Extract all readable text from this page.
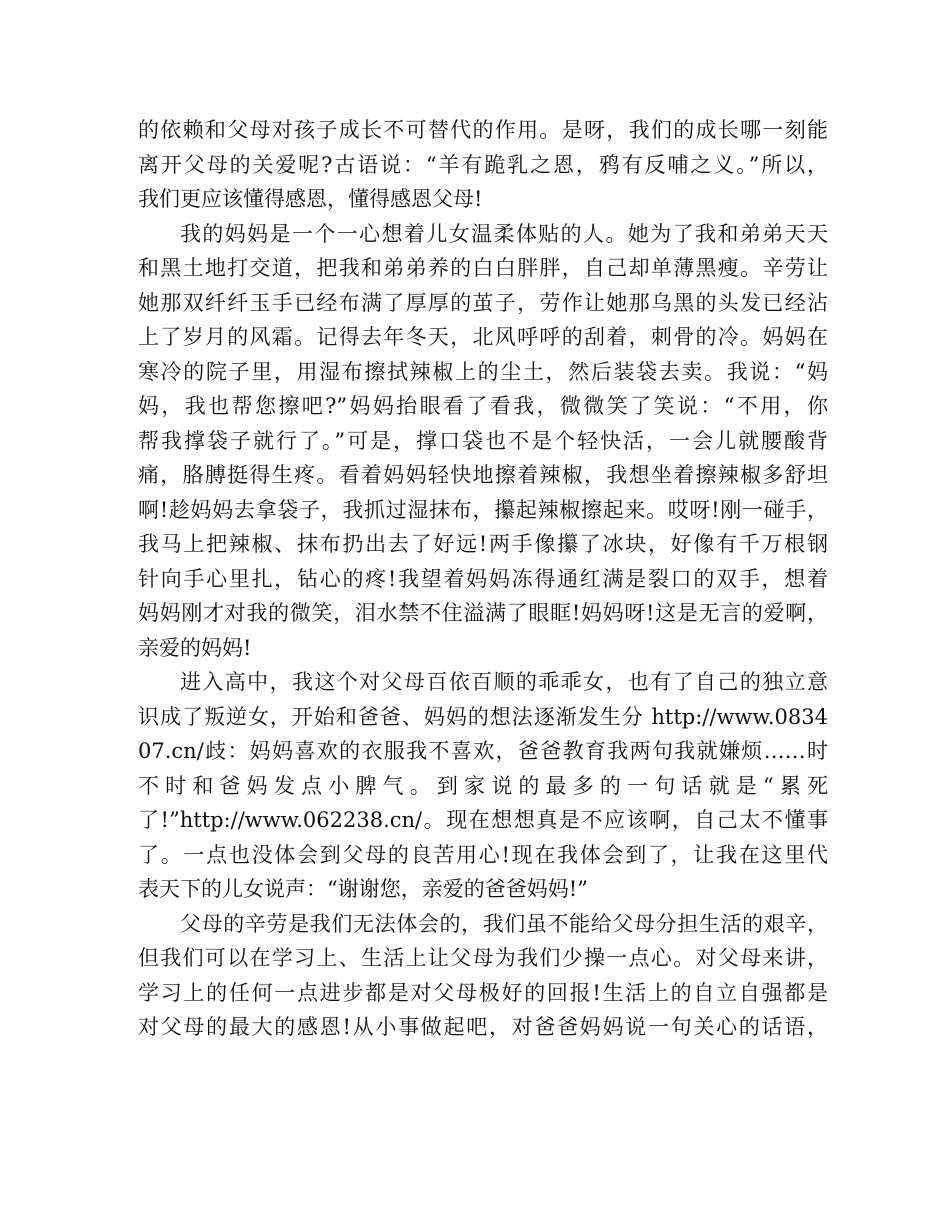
的依赖和父母对孩子成长不可替代的作用。是呀，我们的成长哪一刻能
离开父母的关爱呢?古语说：“羊有跪乳之恩，鸦有反哺之义。”所以，
我们更应该懂得感恩，懂得感恩父母!
我的妈妈是一个一心想着儿女温柔体贴的人。她为了我和弟弟天天
和黑土地打交道，把我和弟弟养的白白胖胖，自己却单薄黑瘦。辛劳让
她那双纤纤玉手已经布满了厚厚的茧子，劳作让她那乌黑的头发已经沾
上了岁月的风霜。记得去年冬天，北风呼呼的刮着，刺骨的冷。妈妈在
寒冷的院子里，用湿布擦拭辣椒上的尘土，然后装袋去卖。我说：“妈
妈，我也帮您擦吧?”妈妈抬眼看了看我，微微笑了笑说：“不用，你
帮我撑袋子就行了。”可是，撑口袋也不是个轻快活，一会儿就腰酸背
痛，胳膊挺得生疼。看着妈妈轻快地擦着辣椒，我想坐着擦辣椒多舒坦
啊!趁妈妈去拿袋子，我抓过湿抹布，攥起辣椒擦起来。哎呀!刚一碰手，
我马上把辣椒、抹布扔出去了好远!两手像攥了冰块，好像有千万根钢
针向手心里扎，钻心的疼!我望着妈妈冻得通红满是裂口的双手，想着
妈妈刚才对我的微笑，泪水禁不住溢满了眼眶!妈妈呀!这是无言的爱啊，
亲爱的妈妈!
进入高中，我这个对父母百依百顺的乖乖女，也有了自己的独立意
识成了叛逆女，开始和爸爸、妈妈的想法逐渐发生分 http://www.0834
07.cn/歧：妈妈喜欢的衣服我不喜欢，爸爸教育我两句我就嫌烦……时
不时和爸妈发点小脾气。到家说的最多的一句话就是“累死
了!”http://www.062238.cn/。现在想想真是不应该啊，自己太不懂事
了。一点也没体会到父母的良苦用心!现在我体会到了，让我在这里代
表天下的儿女说声：“谢谢您，亲爱的爸爸妈妈!”
父母的辛劳是我们无法体会的，我们虽不能给父母分担生活的艰辛，
但我们可以在学习上、生活上让父母为我们少操一点心。对父母来讲，
学习上的任何一点进步都是对父母极好的回报!生活上的自立自强都是
对父母的最大的感恩!从小事做起吧，对爸爸妈妈说一句关心的话语，
